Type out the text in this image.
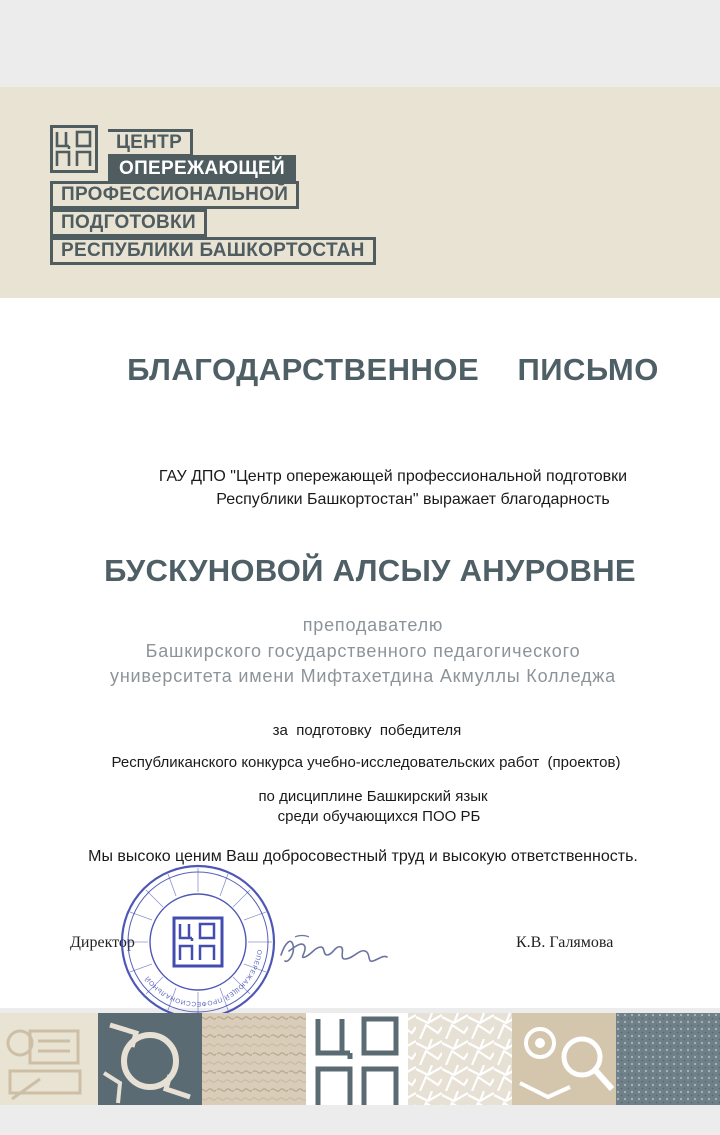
ЦЕНТР
ОПЕРЕЖАЮЩЕЙ
ПРОФЕССИОНАЛЬНОЙ
ПОДГОТОВКИ
РЕСПУБЛИКИ БАШКОРТОСТАН
БЛАГОДАРСТВЕННОЕ  ПИСЬМО
ГАУ ДПО "Центр опережающей профессиональной подготовки
Республики Башкортостан" выражает благодарность
БУСКУНОВОЙ АЛСЫУ АНУРОВНЕ
преподавателю
Башкирского государственного педагогического
университета имени Мифтахетдина Акмуллы Колледжа
за  подготовку  победителя
Республиканского конкурса учебно-исследовательских работ  (проектов)
по дисциплине Башкирский язык
среди обучающихся ПОО РБ
Мы высоко ценим Ваш добросовестный труд и высокую ответственность.
Директор
ОПЕРЕЖАЮЩЕЙ ПРОФЕССИОНАЛЬНОЙ
К.В. Галямова
